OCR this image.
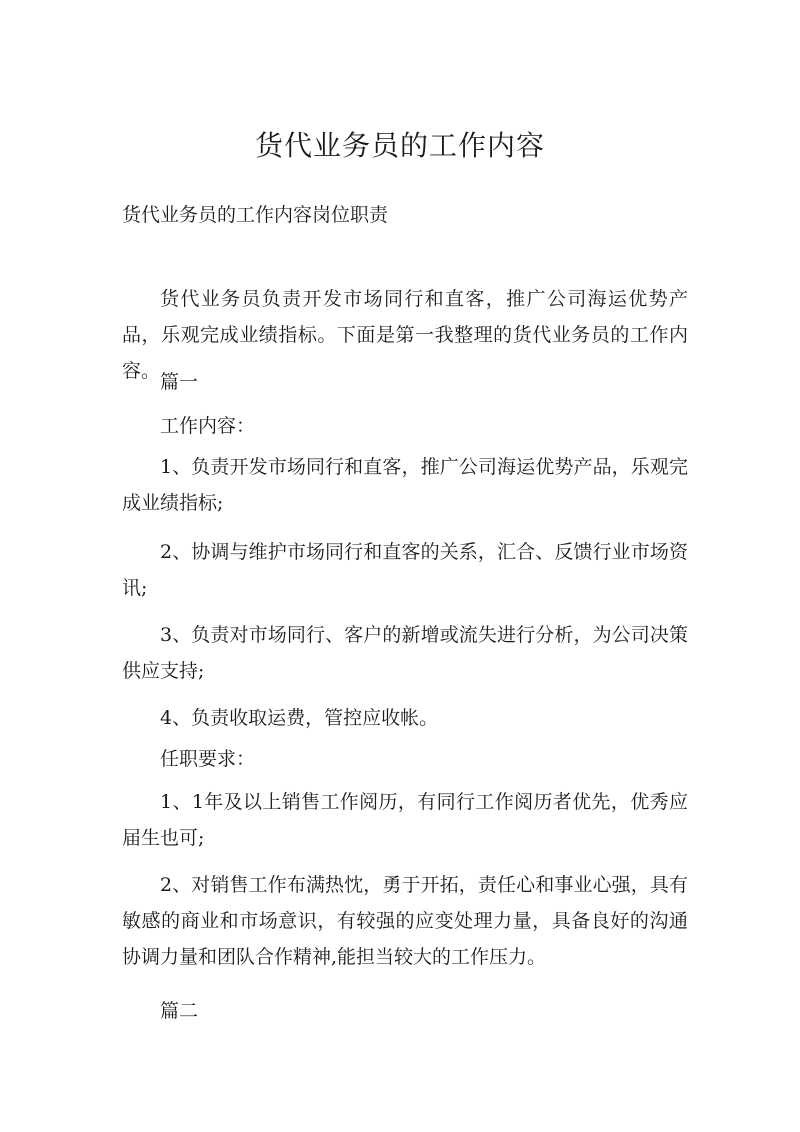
货代业务员的工作内容

货代业务员的工作内容岗位职责

货代业务员负责开发市场同行和直客，推广公司海运优势产品，乐观完成业绩指标。下面是第一我整理的货代业务员的工作内容。 篇一

工作内容：

1、负责开发市场同行和直客，推广公司海运优势产品，乐观完成业绩指标;

2、协调与维护市场同行和直客的关系，汇合、反馈行业市场资讯;

3、负责对市场同行、客户的新增或流失进行分析，为公司决策供应支持;

4、负责收取运费，管控应收帐。

任职要求：

1、1年及以上销售工作阅历，有同行工作阅历者优先，优秀应届生也可;

2、对销售工作布满热忱，勇于开拓，责任心和事业心强，具有敏感的商业和市场意识，有较强的应变处理力量，具备良好的沟通协调力量和团队合作精神,能担当较大的工作压力。

篇二
